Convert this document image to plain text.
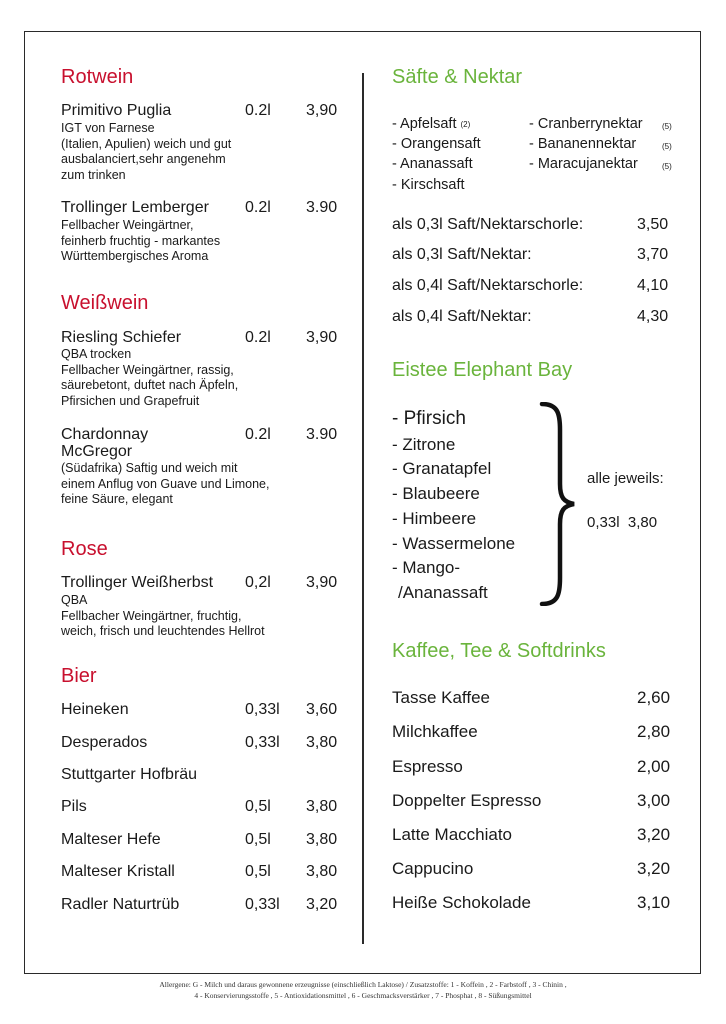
Rotwein
Primitivo Puglia	0.2l 3,90
IGT von Farnese
(Italien, Apulien) weich und gut
ausbalanciert,sehr angenehm
zum trinken
Trollinger Lemberger 0.2l 3.90
Fellbacher Weingärtner,
feinherb fruchtig - markantes
Württembergisches Aroma
Weißwein
Riesling Schiefer	0.2l 3,90
QBA trocken
Fellbacher Weingärtner, rassig,
säurebetont, duftet nach Äpfeln,
Pfirsichen und Grapefruit
Chardonnay McGregor
0.2l 3.90
(Südafrika) Saftig und weich mit
einem Anflug von Guave und Limone,
feine Säure, elegant
Rose
Trollinger Weißherbst 0,2l 3,90
QBA
Fellbacher Weingärtner, fruchtig,
weich, frisch und leuchtendes Hellrot
Bier
Heineken	0,33l 3,60
Desperados	0,33l 3,80
Stuttgarter Hofbräu
Pils	0,5l 3,80
Malteser Hefe	0,5l 3,80
Malteser Kristall	0,5l 3,80
Radler Naturtrüb	0,33l 3,20
Säfte & Nektar
- Apfelsaft (2)
- Orangensaft
- Ananassaft
- Kirschsaft
- Cranberrynektar (5)
- Bananennektar	(5)
- Maracujanektar	(5)
als 0,3l Saft/Nektarschorle:	3,50
als 0,3l Saft/Nektar:	3,70
als 0,4l Saft/Nektarschorle:	4,10
als 0,4l Saft/Nektar:	4,30
Eistee Elephant Bay
- Pfirsich
- Zitrone
- Granatapfel
- Blaubeere
- Himbeere
- Wassermelone
- Mango-
/Ananassaft
alle jeweils:
0,33l  3,80
Kaffee, Tee & Softdrinks
Tasse Kaffee	2,60
Milchkaffee	2,80
Espresso	2,00
Doppelter Espresso	3,00
Latte Macchiato	3,20
Cappucino	3,20
Heiße Schokolade	3,10
Allergene: G - Milch und daraus gewonnene erzeugnisse (einschließlich Laktose) / Zusatzstoffe: 1 - Koffein , 2 - Farbstoff , 3 - Chinin ,
4 - Konservierungsstoffe , 5 - Antioxidationsmittel , 6 - Geschmacksverstärker , 7 - Phosphat , 8 - Süßungsmittel
